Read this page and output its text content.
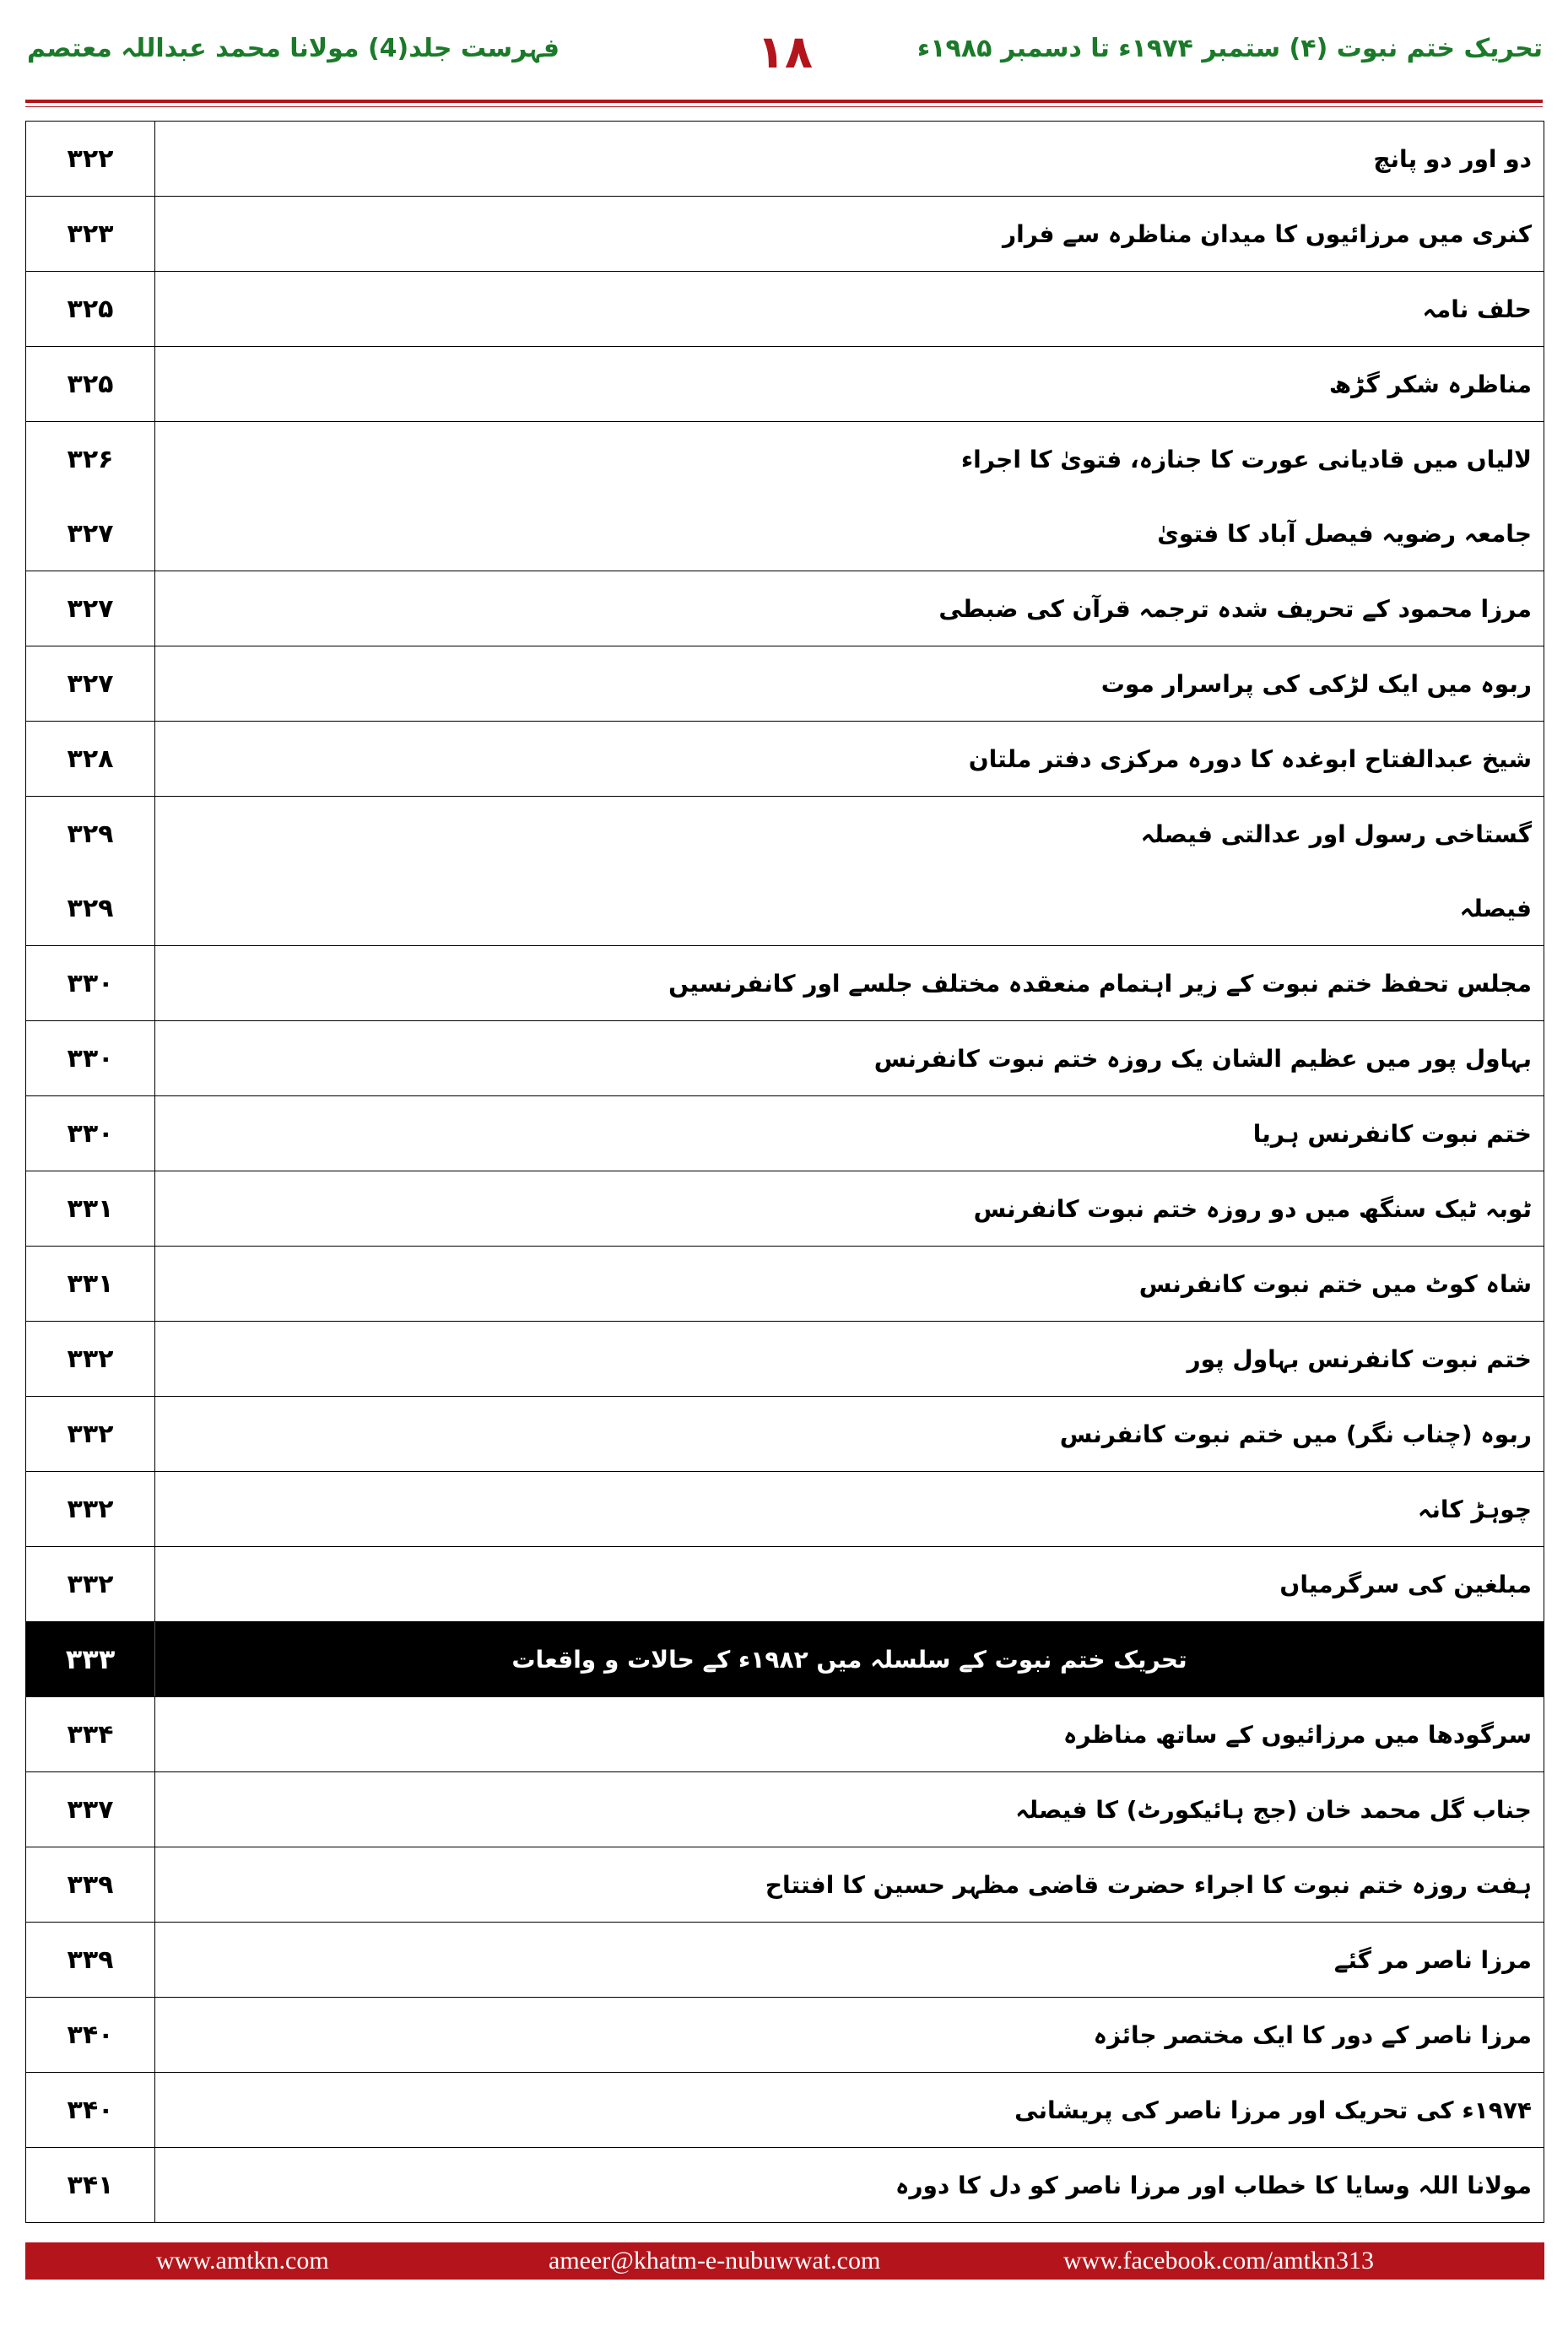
فہرست جلد(4) مولانا محمد عبداللہ معتصم	۱۸	تحریک ختم نبوت (۴) ستمبر ۱۹۷۴ء تا دسمبر ۱۹۸۵ء
۳۲۲	دو اور دو پانچ
۳۲۳	کنری میں مرزائیوں کا میدان مناظرہ سے فرار
۳۲۵	حلف نامہ
۳۲۵	مناظرہ شکر گڑھ
۳۲۶	لالیاں میں قادیانی عورت کا جنازہ، فتویٰ کا اجراء
۳۲۷	جامعہ رضویہ فیصل آباد کا فتویٰ
۳۲۷	مرزا محمود کے تحریف شدہ ترجمہ قرآن کی ضبطی
۳۲۷	ربوہ میں ایک لڑکی کی پراسرار موت
۳۲۸	شیخ عبدالفتاح ابوغدہ کا دورہ مرکزی دفتر ملتان
۳۲۹	گستاخی رسول اور عدالتی فیصلہ
۳۲۹	فیصلہ
۳۳۰	مجلس تحفظ ختم نبوت کے زیر اہتمام منعقدہ مختلف جلسے اور کانفرنسیں
۳۳۰	بہاول پور میں عظیم الشان یک روزہ ختم نبوت کانفرنس
۳۳۰	ختم نبوت کانفرنس ہریا
۳۳۱	ٹوبہ ٹیک سنگھ میں دو روزہ ختم نبوت کانفرنس
۳۳۱	شاہ کوٹ میں ختم نبوت کانفرنس
۳۳۲	ختم نبوت کانفرنس بہاول پور
۳۳۲	ربوہ (چناب نگر) میں ختم نبوت کانفرنس
۳۳۲	چوہڑ کانہ
۳۳۲	مبلغین کی سرگرمیاں
۳۳۳	تحریک ختم نبوت کے سلسلہ میں ۱۹۸۲ء کے حالات و واقعات
۳۳۴	سرگودھا میں مرزائیوں کے ساتھ مناظرہ
۳۳۷	جناب گل محمد خان (جج ہائیکورٹ) کا فیصلہ
۳۳۹	ہفت روزہ ختم نبوت کا اجراء حضرت قاضی مظہر حسین کا افتتاح
۳۳۹	مرزا ناصر مر گئے
۳۴۰	مرزا ناصر کے دور کا ایک مختصر جائزہ
۳۴۰	۱۹۷۴ء کی تحریک اور مرزا ناصر کی پریشانی
۳۴۱	مولانا اللہ وسایا کا خطاب اور مرزا ناصر کو دل کا دورہ
www.amtkn.com	ameer@khatm-e-nubuwwat.com	www.facebook.com/amtkn313
